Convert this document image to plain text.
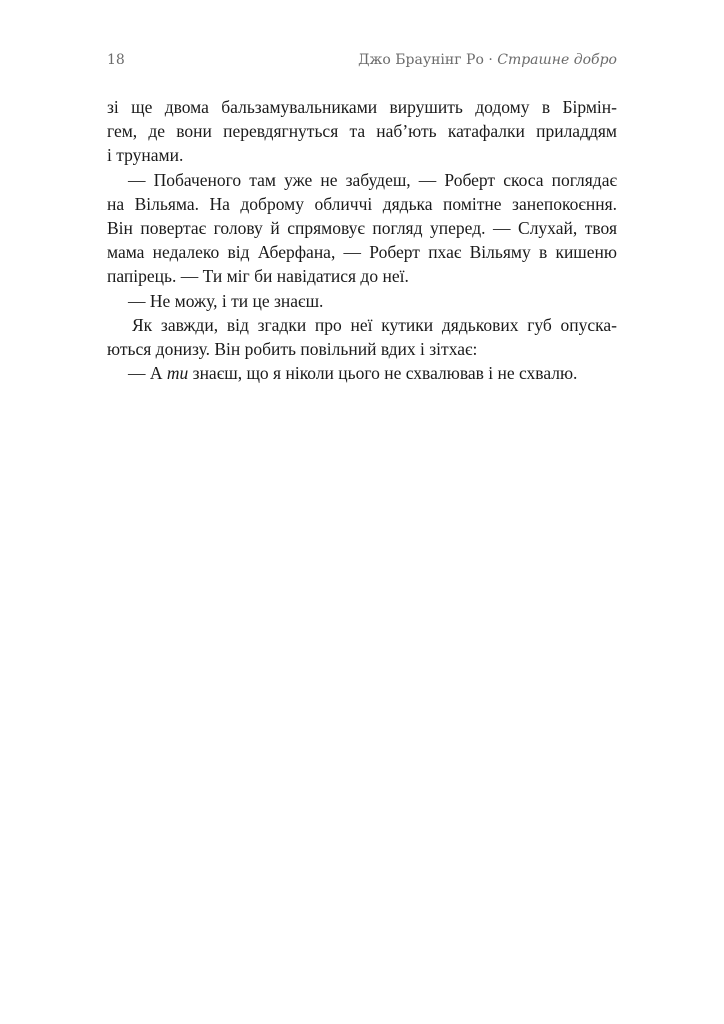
18	Джо Браунінг Ро · Страшне добро
зі ще двома бальзамувальниками вирушить додому в Бірмін-
гем, де вони перевдягнуться та наб’ють катафалки приладдям
і трунами.
— Побаченого там уже не забудеш, — Роберт скоса поглядає
на Вільяма. На доброму обличчі дядька помітне занепокоєння.
Він повертає голову й спрямовує погляд уперед. — Слухай, твоя
мама недалеко від Аберфана, — Роберт пхає Вільяму в кишеню
папірець. — Ти міг би навідатися до неї.
— Не можу, і ти це знаєш.
Як завжди, від згадки про неї кутики дядькових губ опуска-
ються донизу. Він робить повільний вдих і зітхає:
— А ти знаєш, що я ніколи цього не схвалював і не схвалю.
